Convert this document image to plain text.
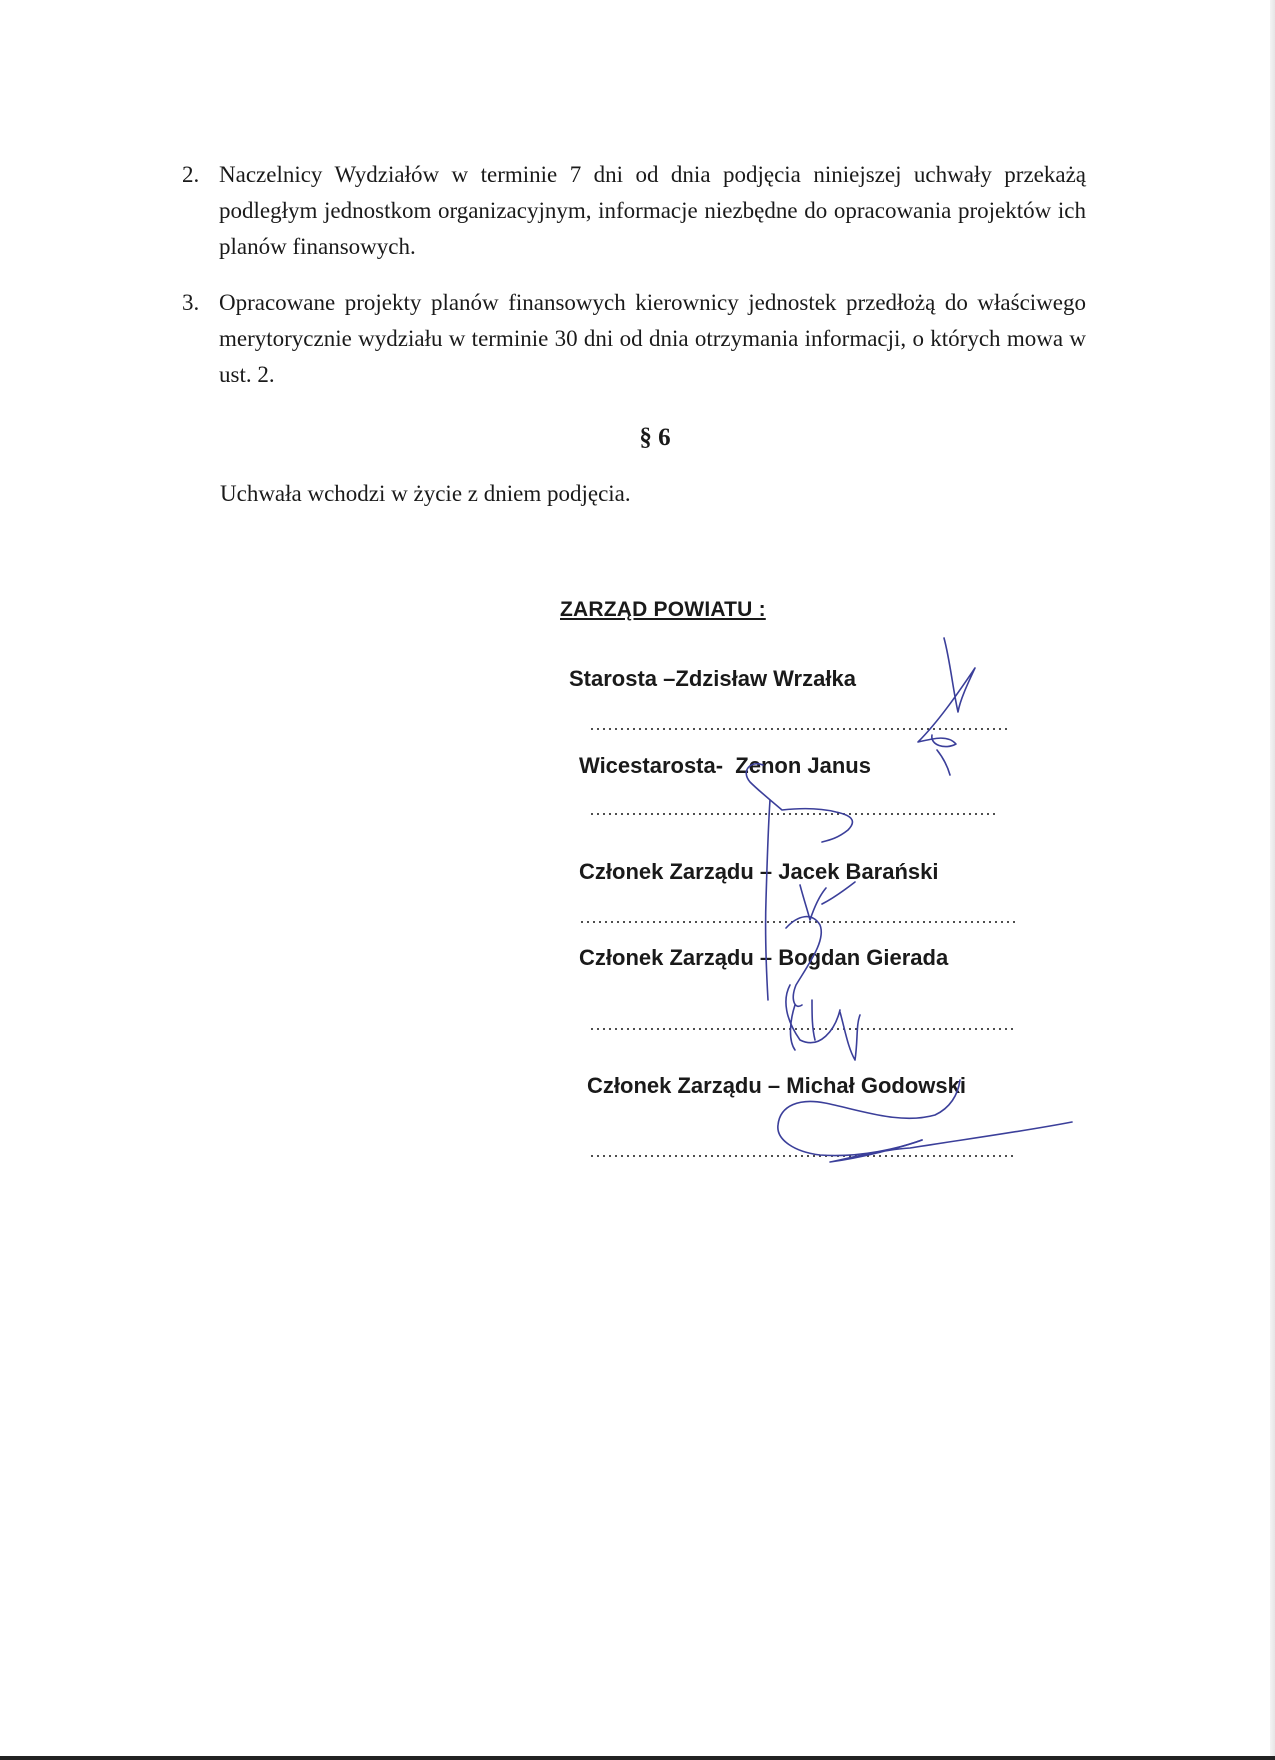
2. Naczelnicy Wydziałów w terminie 7 dni od dnia podjęcia niniejszej uchwały przekażą podległym jednostkom organizacyjnym, informacje niezbędne do opracowania projektów ich planów finansowych.
3. Opracowane projekty planów finansowych kierownicy jednostek przedłożą do właściwego merytorycznie wydziału w terminie 30 dni od dnia otrzymania informacji, o których mowa w ust. 2.
§ 6
Uchwała wchodzi w życie z dniem podjęcia.
ZARZĄD POWIATU :
Starosta –Zdzisław Wrzałka
Wicestarosta-  Zenon Janus
Członek Zarządu – Jacek Barański
Członek Zarządu – Bogdan Gierada
Członek Zarządu – Michał Godowski
